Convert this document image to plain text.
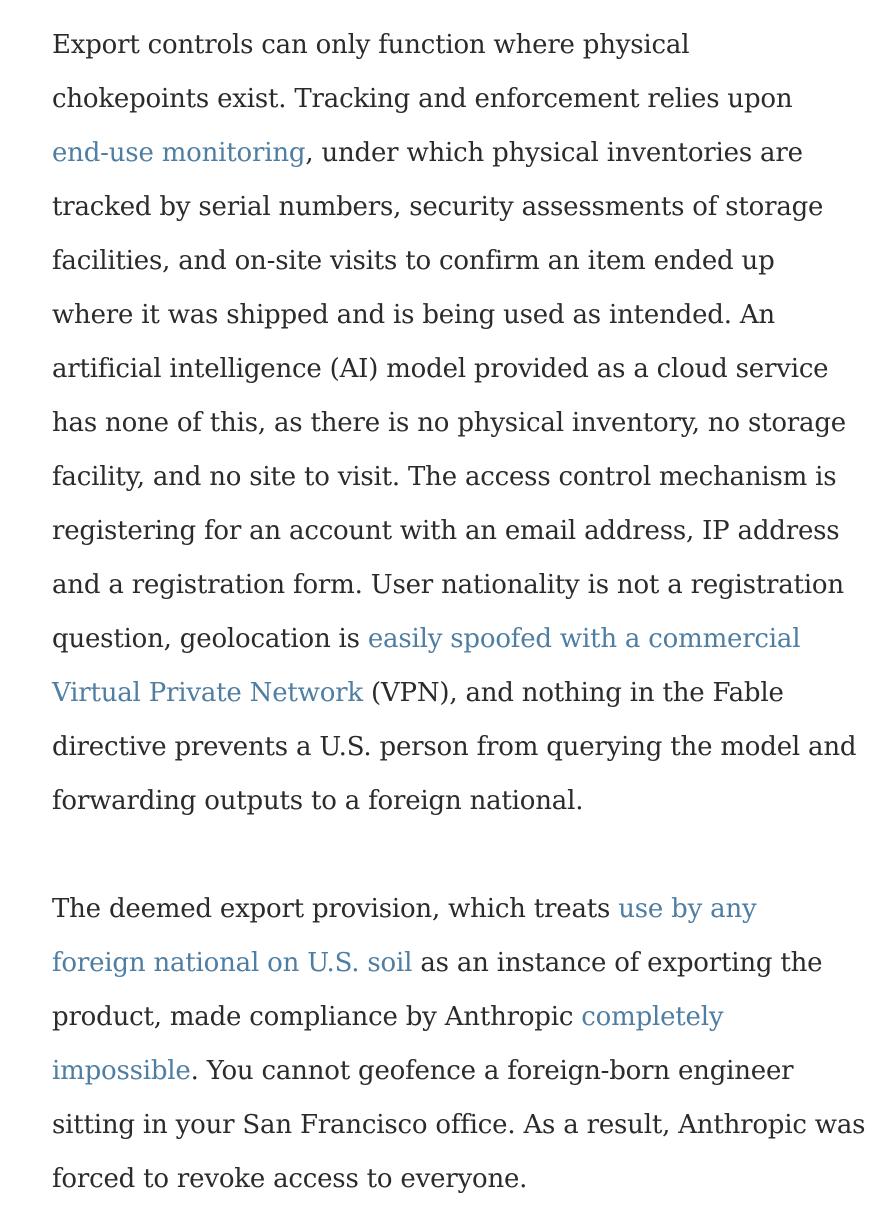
Export controls can only function where physical
chokepoints exist. Tracking and enforcement relies upon
end-use monitoring, under which physical inventories are
tracked by serial numbers, security assessments of storage
facilities, and on-site visits to confirm an item ended up
where it was shipped and is being used as intended. An
artificial intelligence (AI) model provided as a cloud service
has none of this, as there is no physical inventory, no storage
facility, and no site to visit. The access control mechanism is
registering for an account with an email address, IP address
and a registration form. User nationality is not a registration
question, geolocation is easily spoofed with a commercial
Virtual Private Network (VPN), and nothing in the Fable
directive prevents a U.S. person from querying the model and
forwarding outputs to a foreign national.

The deemed export provision, which treats use by any
foreign national on U.S. soil as an instance of exporting the
product, made compliance by Anthropic completely
impossible. You cannot geofence a foreign-born engineer
sitting in your San Francisco office. As a result, Anthropic was
forced to revoke access to everyone.
